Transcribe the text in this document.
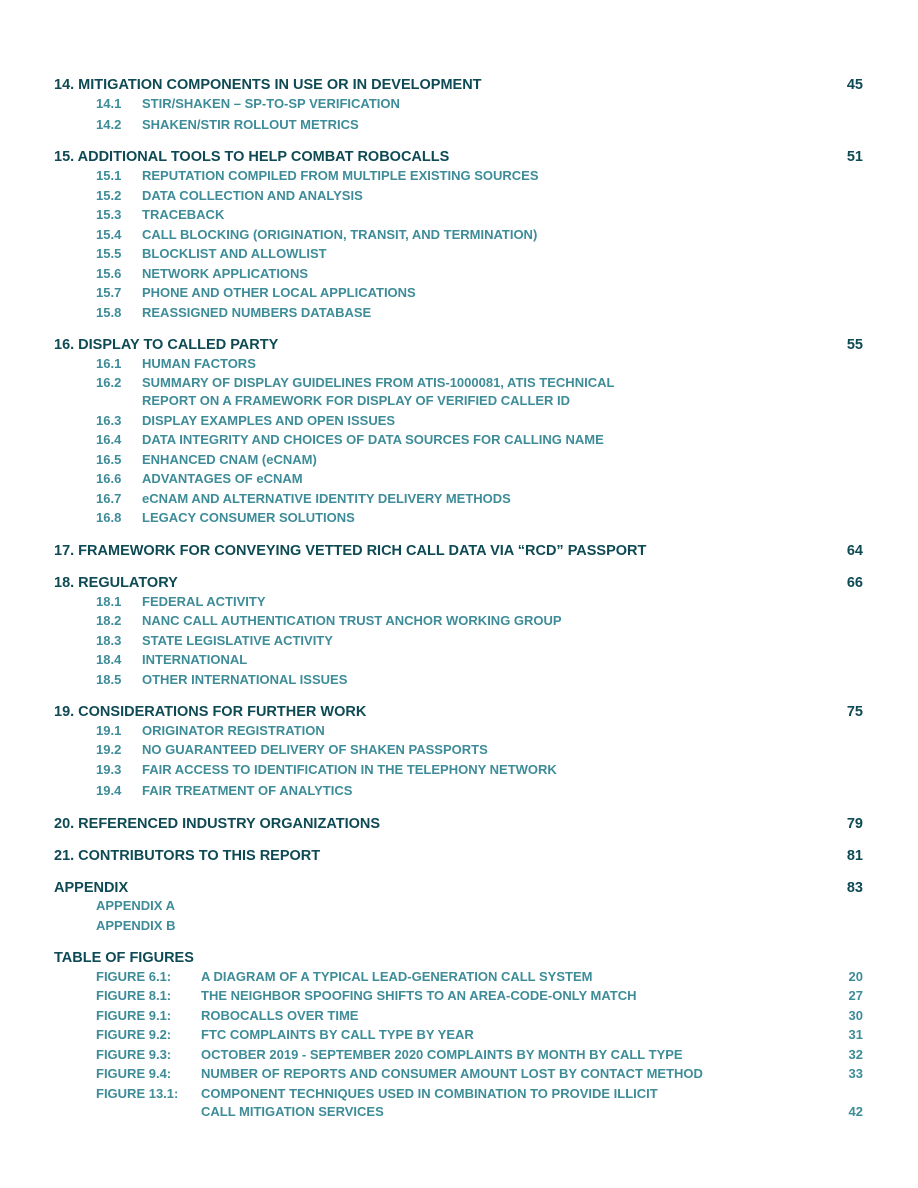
14. MITIGATION COMPONENTS IN USE OR IN DEVELOPMENT	45
14.1 STIR/SHAKEN – SP-TO-SP VERIFICATION
14.2 SHAKEN/STIR ROLLOUT METRICS
15. ADDITIONAL TOOLS TO HELP COMBAT ROBOCALLS	51
15.1 REPUTATION COMPILED FROM MULTIPLE EXISTING SOURCES
15.2 DATA COLLECTION AND ANALYSIS
15.3 TRACEBACK
15.4 CALL BLOCKING (ORIGINATION, TRANSIT, AND TERMINATION)
15.5 BLOCKLIST AND ALLOWLIST
15.6 NETWORK APPLICATIONS
15.7 PHONE AND OTHER LOCAL APPLICATIONS
15.8 REASSIGNED NUMBERS DATABASE
16. DISPLAY TO CALLED PARTY	55
16.1 HUMAN FACTORS
16.2 SUMMARY OF DISPLAY GUIDELINES FROM ATIS-1000081, ATIS TECHNICAL
REPORT ON A FRAMEWORK FOR DISPLAY OF VERIFIED CALLER ID
16.3 DISPLAY EXAMPLES AND OPEN ISSUES
16.4 DATA INTEGRITY AND CHOICES OF DATA SOURCES FOR CALLING NAME
16.5 ENHANCED CNAM (eCNAM)
16.6 ADVANTAGES OF eCNAM
16.7 eCNAM AND ALTERNATIVE IDENTITY DELIVERY METHODS
16.8 LEGACY CONSUMER SOLUTIONS
17. FRAMEWORK FOR CONVEYING VETTED RICH CALL DATA VIA “RCD” PASSPORT	64
18. REGULATORY	66
18.1 FEDERAL ACTIVITY
18.2 NANC CALL AUTHENTICATION TRUST ANCHOR WORKING GROUP
18.3 STATE LEGISLATIVE ACTIVITY
18.4 INTERNATIONAL
18.5 OTHER INTERNATIONAL ISSUES
19. CONSIDERATIONS FOR FURTHER WORK	75
19.1 ORIGINATOR REGISTRATION
19.2 NO GUARANTEED DELIVERY OF SHAKEN PASSPORTS
19.3 FAIR ACCESS TO IDENTIFICATION IN THE TELEPHONY NETWORK
19.4 FAIR TREATMENT OF ANALYTICS
20. REFERENCED INDUSTRY ORGANIZATIONS	79
21. CONTRIBUTORS TO THIS REPORT	81
APPENDIX	83
APPENDIX A
APPENDIX B
TABLE OF FIGURES
FIGURE 6.1: A DIAGRAM OF A TYPICAL LEAD-GENERATION CALL SYSTEM	20
FIGURE 8.1: THE NEIGHBOR SPOOFING SHIFTS TO AN AREA-CODE-ONLY MATCH	27
FIGURE 9.1: ROBOCALLS OVER TIME	30
FIGURE 9.2: FTC COMPLAINTS BY CALL TYPE BY YEAR	31
FIGURE 9.3: OCTOBER 2019 - SEPTEMBER 2020 COMPLAINTS BY MONTH BY CALL TYPE	32
FIGURE 9.4: NUMBER OF REPORTS AND CONSUMER AMOUNT LOST BY CONTACT METHOD	33
FIGURE 13.1: COMPONENT TECHNIQUES USED IN COMBINATION TO PROVIDE ILLICIT
CALL MITIGATION SERVICES	42
